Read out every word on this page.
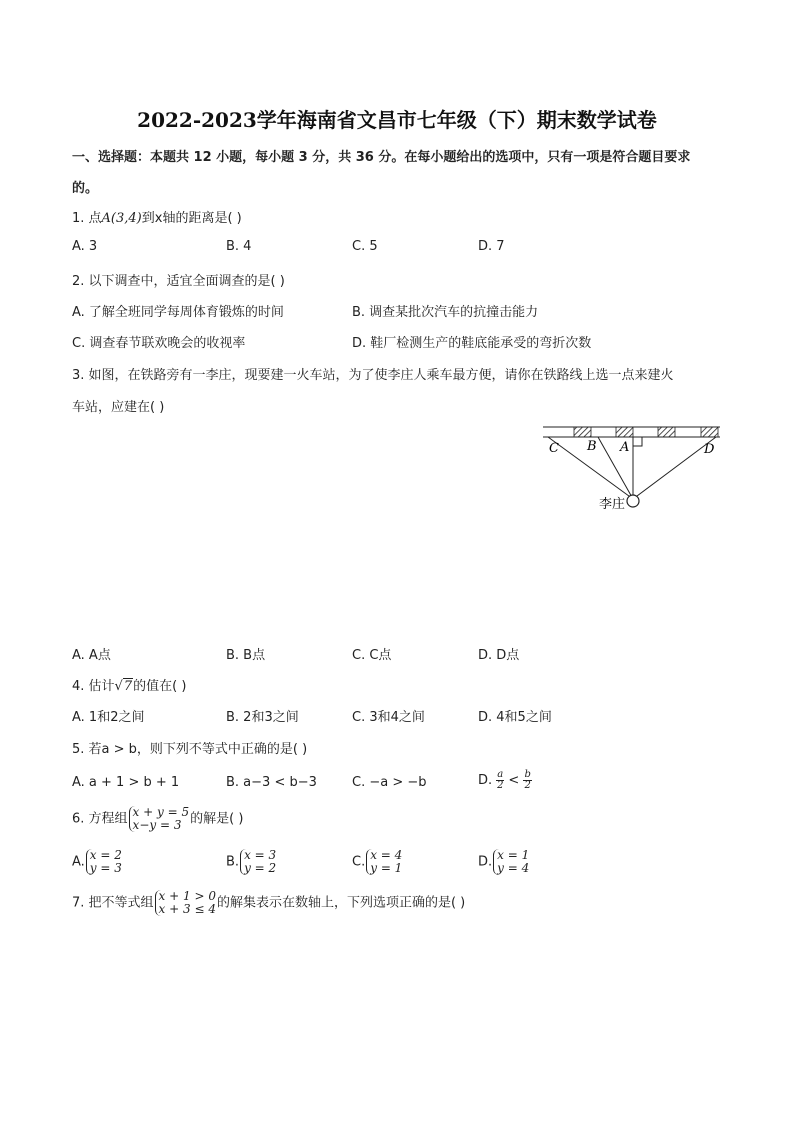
2022-2023学年海南省文昌市七年级（下）期末数学试卷
一、选择题：本题共 12 小题，每小题 3 分，共 36 分。在每小题给出的选项中，只有一项是符合题目要求
的。
1. 点A(3,4)到x轴的距离是( )
A. 3	B. 4	C. 5	D. 7
2. 以下调查中，适宜全面调查的是( )
A. 了解全班同学每周体育锻炼的时间	B. 调查某批次汽车的抗撞击能力
C. 调查春节联欢晚会的收视率	D. 鞋厂检测生产的鞋底能承受的弯折次数
3. 如图，在铁路旁有一李庄，现要建一火车站，为了使李庄人乘车最方便，请你在铁路线上选一点来建火
车站，应建在( )
C B A	D
李庄
A. A点	B. B点	C. C点	D. D点
4. 估计√7的值在( )
A. 1和2之间	B. 2和3之间	C. 3和4之间	D. 4和5之间
5. 若a > b，则下列不等式中正确的是( )
A. a + 1 > b + 1	B. a−3 < b−3	C. −a > −b	D. $\frac{a}{2} < \frac{b}{2}$
6. 方程组 x + y = 5
x−y = 3 的解是( )
A. x = 2
y = 3	B. x = 3
y = 2	C. x = 4
y = 1	D. x = 1
y = 4
7. 把不等式组 x + 1 > 0
x + 3 ≤ 4 的解集表示在数轴上，下列选项正确的是( )
